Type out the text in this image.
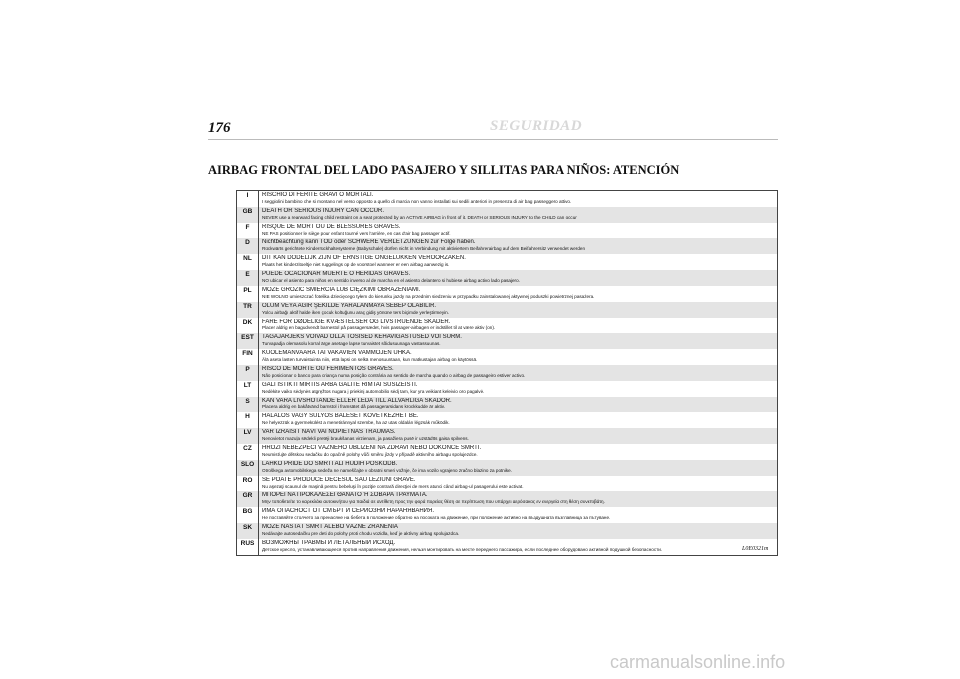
176	SEGURIDAD
AIRBAG FRONTAL DEL LADO PASAJERO Y SILLITAS PARA NIÑOS: ATENCIÓN
I	RISCHIO DI FERITE GRAVI O MORTALI.
I seggiolini bambino che si montano nel verso opposto a quello di marcia non vanno installati sui sedili anteriori in presenza di air bag passeggero attivo.

GB	DEATH OR SERIOUS INJURY CAN OCCUR.
NEVER use a rearward facing child restraint on a seat protected by an ACTIVE AIRBAG in front of it. DEATH or SERIOUS INJURY to the CHILD can occur

F	RISQUE DE MORT OU DE BLESSURES GRAVES.
NE PAS positionner le siège pour enfant tourné vers l'arrière, en cas d'air bag passager actif.

D	Nichtbeachtung kann TOD oder SCHWERE VERLETZUNGEN zur Folge haben.
Rückwärts gerichtete Kinderrückhaltesysteme (Babyschale) dürfen nicht in Verbindung mit aktiviertem Beifahrerairbag auf dem Beifahrersitz verwendet werden

NL	DIT KAN DODELIJK ZIJN OF ERNSTIGE ONGELUKKEN VEROORZAKEN.
Plaats het kinderzitoeltje niet ruggelings op de voorstoel wanneer er een airbag aanwezig is.

E	PUEDE OCACIONAR MUERTE O HERIDAS GRAVES.
NO ubicar el asiento para niños en sentido inverso al de marcha en el asiento delantero si hubiese airbag activo lado pasajero.

PL	MOŻE GROZIĆ ŚMIERCIA LUB CIĘŻKIMI OBRAŻENIAMI.
NIE WOLNO umieszczać fotelika dziecięcego tyłem do kierunku jazdy na przednim siedzeniu w przypadku zainstalowanej aktywnej poduszki powietrznej pasażera.

TR	ÖLÜM VEYA AĞIR ŞEKILDE YARALANMAYA SEBEP OLABILIR.
Yolcu airbağı aktif halde iken çocuk koltuğunu araç gidiş yönüne ters biçimde yerleştirmeyin.

DK	FARE FOR DØDELIGE KVÆSTELSER OG LIVSTRUENDE SKADER.
Placer aldrig en bagudvendt barnestol på passagersædet, hvis passager-airbagen er indstillet til at være aktiv (on).

EST	TAGAJÄRJEKS VÕIVAD OLLA TÕSISED KEHAVIGASTUSED VÕI SURM.
Turvapadja olemasolu korral ärge asetage lapse turvaistet sõidusuunaga vastassuunas.

FIN	KUOLEMANVAARA TAI VAKAVIEN VAMMOJEN UHKA.
Älä aseta lasten turvaistuinta niin, että lapsi on selkä menosuuntaan, kun matkustajan airbag on käytössä.

P	RISCO DE MORTE OU FERIMENTOS GRAVES.
Não posicionar o banco para criança numa posição contrária ao sentido de marcha quando o airbag de passageiro estiver activo.

LT	GALI IŠTIKTI MIRTIS ARBA GALITE RIMTAI SUSIŽEISTI.
Nedėkite vaiko sėdynės atgręžtos nugara į priekinį automobilio sėdį tam, kur yra veikiant keleivio oro pagalvė.

S	KAN VARA LIVSHOTANDE ELLER LEDA TILL ALLVARLIGA SKADOR.
Placera aldrig en bakåtvänd barnstol i framsätet då passagerarsidans krockkudde är aktiv.

H	HALÁLOS VAGY SÚLYOS BALESET KÖVETKEZHET BE.
Ne helyezzük a gyermekülést a menetiránnyal szembe, ha az utas oldalán légzsák működik.

LV	VAR IZRAISĪT NĀVI VAI NOPIETNAS TRAUMAS.
Nenovietot mazuļa sēdekli pretēji braukšanas virzienam, ja pasažiera pusē ir uzstādīts gaisa spilvens.

CZ	HROZÍ NEBEZPEČÍ VÁŽNÉHO UBLÍŽENÍ NA ZDRAVÍ NEBO DOKONCE SMRTI.
Neumisťujte dětskou sedačku do opačně polohy vůči směru jízdy v případě aktivního airbagu spolujezdce.

SLO	LAHKO PRIDE DO SMRTI ALI HUDIH POŠKODB.
Otroškega avtomobilskega sedeža ne nameščajte v obratni smeri vožnje, če ima vozilo vgrajeno zračno blazino za potnike.

RO	SE POATE PRODUCE DECESUL SAU LEZIUNI GRAVE.
Nu aşezaţi scaunul de maşină pentru bebeluşi în poziţie contrară direcţiei de mers atunci când airbag-ul pasagerului este activat.

GR	ΜΠΟΡΕΙ ΝΑ ΠΡΟΚΑΛΕΣΕΙ ΘΑΝΑΤΟ Ή ΣΟΒΑΡΑ ΤΡΑΥΜΑΤΑ.
Μην τοποθετείτε το καρεκλάκι αυτοκινήτου για παιδιά σε αντίθετη προς την φορά πορείας θέση σε περίπτωση που υπάρχει αερόσακος εν ενεργεία στη θέση συνεπιβάτη.

BG	ИМА ОПАСНОСТ ОТ СМЪРТ И СЕРИОЗНИ НАРАНЯВАНИЯ.
Не поставяйте столчето за пренасяне на бебета в положение обратно на посоката на движение, при положение активно на въздушната възглавница за пътуване.

SK	MÔŽE NASTAŤ SMRŤ ALEBO VÁŽNE ZRANENIA
Nedávajte autosedačku pre deti do polohy proti chodu vozidla, keď je aktívny airbag spolujazdca.

RUS	ВОЗМОЖНЫ ТРАВМЫ И ЛЕТАЛЬНЫЙ ИСХОД.
Детское кресло, устанавливающееся против направления движения, нельзя монтировать на месте переднего пассажира, если последнее оборудовано активной подушкой безопасности.	L0E0321m
carmanualsonline.info
